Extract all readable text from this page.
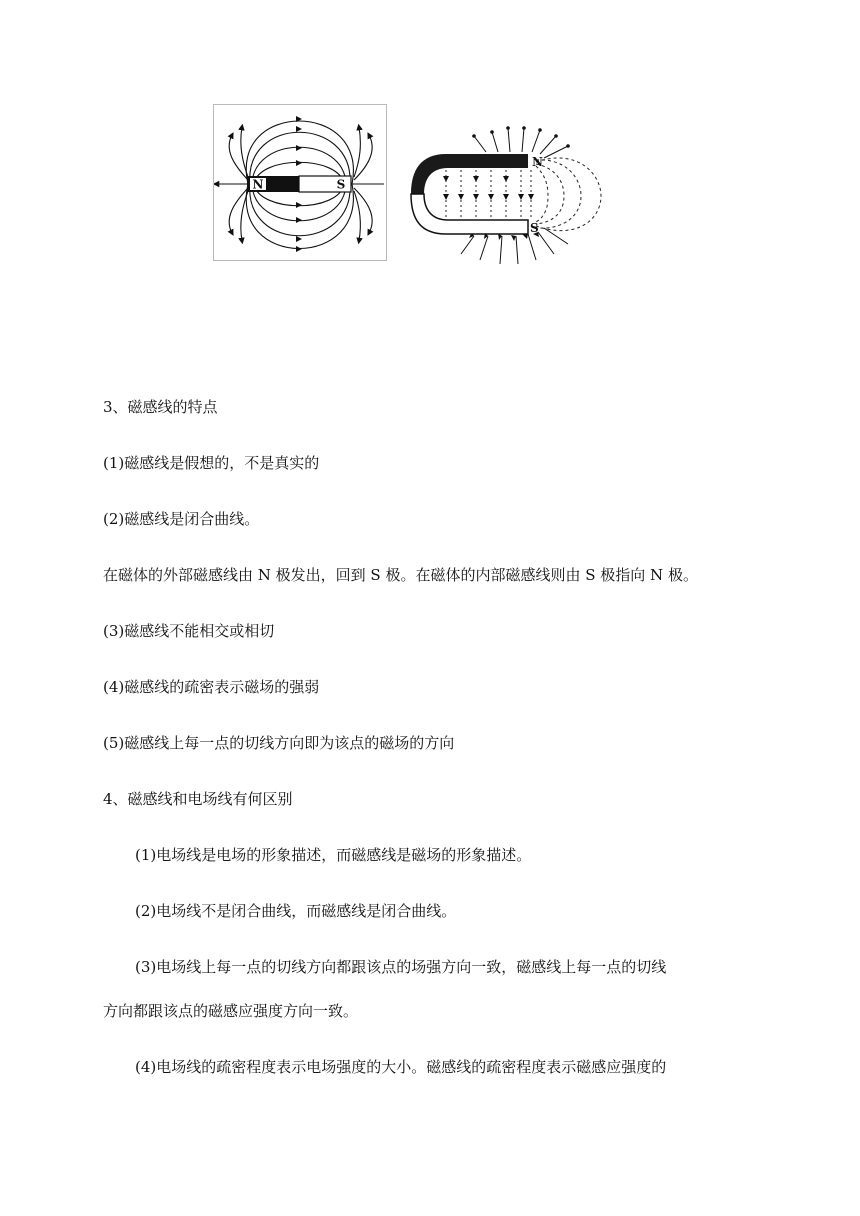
N	S
N
S

3、磁感线的特点

(1)磁感线是假想的，不是真实的

(2)磁感线是闭合曲线。

在磁体的外部磁感线由 N 极发出，回到 S 极。在磁体的内部磁感线则由 S 极指向 N 极。

(3)磁感线不能相交或相切

(4)磁感线的疏密表示磁场的强弱

(5)磁感线上每一点的切线方向即为该点的磁场的方向

4、磁感线和电场线有何区别

(1)电场线是电场的形象描述，而磁感线是磁场的形象描述。

(2)电场线不是闭合曲线，而磁感线是闭合曲线。

(3)电场线上每一点的切线方向都跟该点的场强方向一致，磁感线上每一点的切线

方向都跟该点的磁感应强度方向一致。

(4)电场线的疏密程度表示电场强度的大小。磁感线的疏密程度表示磁感应强度的
